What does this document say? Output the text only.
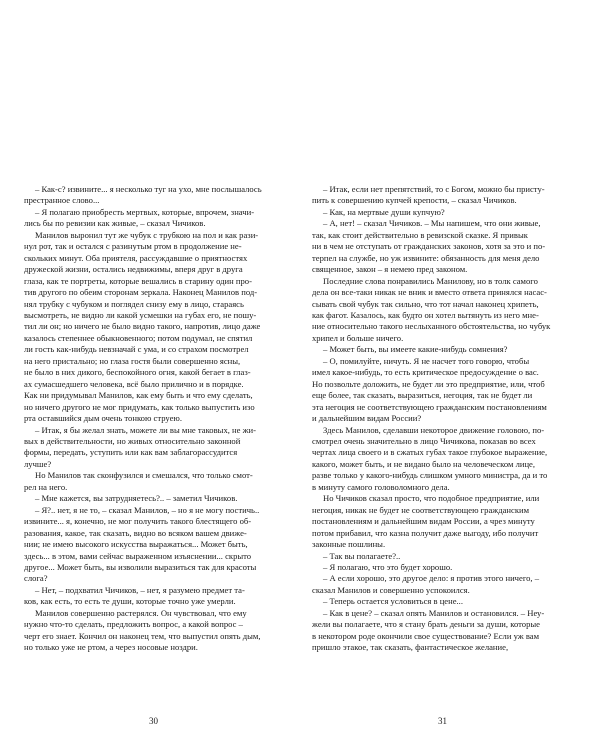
– Как-с? извините... я несколько туг на ухо, мне послышалось

престранное слово...

– Я полагаю приобресть мертвых, которые, впрочем, значи-

лись бы по ревизии как живые, – сказал Чичиков.

Манилов выронил тут же чубук с трубкою на пол и как рази-

нул рот, так и остался с разинутым ртом в продолжение не-

скольких минут. Оба приятеля, рассуждавшие о приятностях

дружеской жизни, остались недвижимы, вперя друг в друга

глаза, как те портреты, которые вешались в старину один про-

тив другого по обеим сторонам зеркала. Наконец Манилов под-

нял трубку с чубуком и поглядел снизу ему в лицо, стараясь

высмотреть, не видно ли какой усмешки на губах его, не пошу-

тил ли он; но ничего не было видно такого, напротив, лицо даже

казалось степеннее обыкновенного; потом подумал, не спятил

ли гость как-нибудь невзначай с ума, и со страхом посмотрел

на него пристально; но глаза гостя были совершенно ясны,

не было в них дикого, беспокойного огня, какой бегает в глаз-

ах сумасшедшего человека, всё было прилично и в порядке.

Как ни придумывал Манилов, как ему быть и что ему сделать,

но ничего другого не мог придумать, как только выпустить изо

рта оставшийся дым очень тонкою струею.

– Итак, я бы желал знать, можете ли вы мне таковых, не жи-

вых в действительности, но живых относительно законной

формы, передать, уступить или как вам заблагорассудится

лучше?

Но Манилов так сконфузился и смешался, что только смот-

рел на него.

– Мне кажется, вы затрудняетесь?.. – заметил Чичиков.

– Я?.. нет, я не то, – сказал Манилов, – но я не могу постичь..

извините... я, конечно, не мог получить такого блестящего об-

разования, какое, так сказать, видно во всяком вашем движе-

нии; не имею высокого искусства выражаться... Может быть,

здесь... в этом, вами сейчас выраженном изъяснении... скрыто

другое... Может быть, вы изволили выразиться так для красоты

слога?

– Нет, – подхватил Чичиков, – нет, я разумею предмет та-

ков, как есть, то есть те души, которые точно уже умерли.

Манилов совершенно растерялся. Он чувствовал, что ему

нужно что-то сделать, предложить вопрос, а какой вопрос –

черт его знает. Кончил он наконец тем, что выпустил опять дым,

но только уже не ртом, а через носовые ноздри.

30

– Итак, если нет препятствий, то с Богом, можно бы присту-

пить к совершению купчей крепости, – сказал Чичиков.

– Как, на мертвые души купчую?

– А, нет! – сказал Чичиков. – Мы напишем, что они живые,

так, как стоит действительно в ревизской сказке. Я привык

ни в чем не отступать от гражданских законов, хотя за это и по-

терпел на службе, но уж извините: обязанность для меня дело

священное, закон – я немею пред законом.

Последние слова понравились Манилову, но в толк самого

дела он все-таки никак не вник и вместо ответа принялся насас-

сывать свой чубук так сильно, что тот начал наконец хрипеть,

как фагот. Казалось, как будто он хотел вытянуть из него мне-

ние относительно такого неслыханного обстоятельства, но чубук

хрипел и больше ничего.

– Может быть, вы имеете какие-нибудь сомнения?

– О, помилуйте, ничуть. Я не насчет того говорю, чтобы

имел какое-нибудь, то есть критическое предосуждение о вас.

Но позвольте доложить, не будет ли это предприятие, или, чтоб

еще более, так сказать, выразиться, негоция, так не будет ли

эта негоция не соответствующею гражданским постановлениям

и дальнейшим видам России?

Здесь Манилов, сделавши некоторое движение головою, по-

смотрел очень значительно в лицо Чичикова, показав во всех

чертах лица своего и в сжатых губах такое глубокое выражение,

какого, может быть, и не видано было на человеческом лице,

разве только у какого-нибудь слишком умного министра, да и то

в минуту самого головоломного дела.

Но Чичиков сказал просто, что подобное предприятие, или

негоция, никак не будет не соответствующею гражданским

постановлениям и дальнейшим видам России, а чрез минуту

потом прибавил, что казна получит даже выгоду, ибо получит

законные пошлины.

– Так вы полагаете?..

– Я полагаю, что это будет хорошо.

– А если хорошо, это другое дело: я против этого ничего, –

сказал Манилов и совершенно успокоился.

– Теперь остается условиться в цене...

– Как в цене? – сказал опять Манилов и остановился. – Неу-

жели вы полагаете, что я стану брать деньги за души, которые

в некотором роде окончили свое существование? Если уж вам

пришло этакое, так сказать, фантастическое желание,

31
